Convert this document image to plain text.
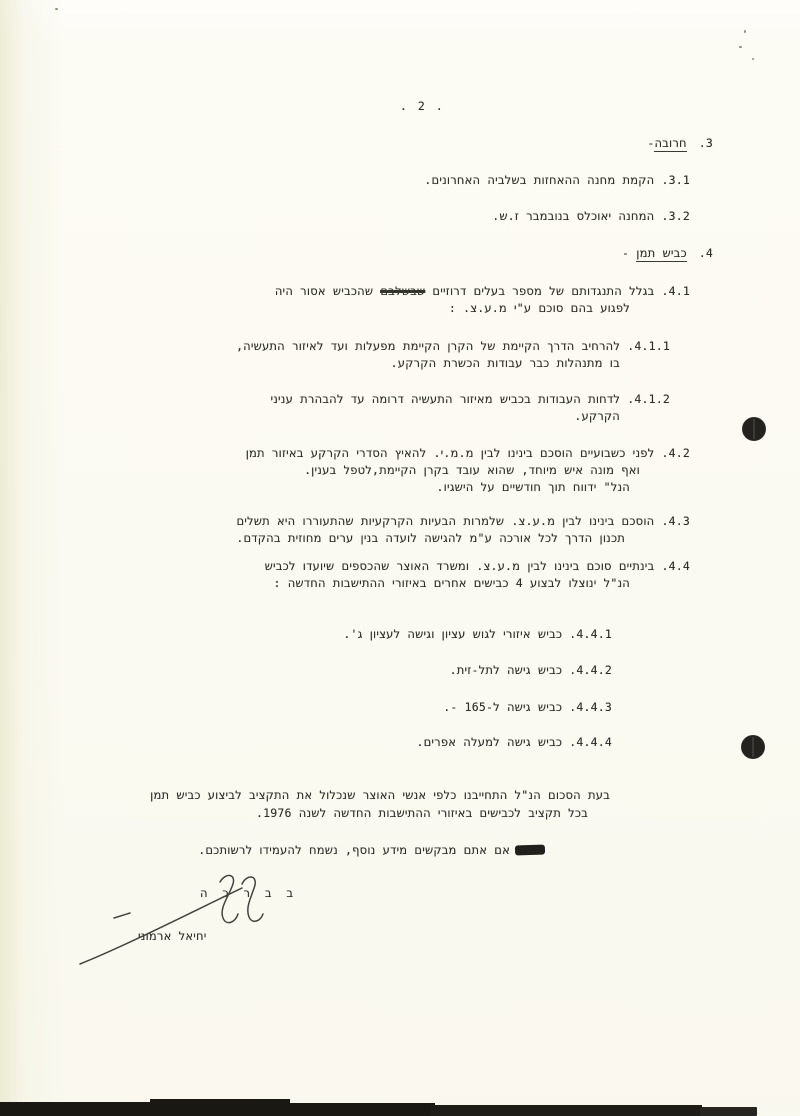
. 2 .
3.חרובה-
3.1. הקמת מחנה ההאחזות בשלביה האחרונים.
3.2. המחנה יאוכלס בנובמבר ז.ש.
4.כביש תמן -
4.1. בגלל התנגדותם של מספר בעלים דרוזיים שבשלבם שהכביש אסור היה
לפגוע בהם סוכם ע"י מ.ע.צ. :
4.1.1. להרחיב הדרך הקיימת של הקרן הקיימת מפעלות ועד לאיזור התעשיה,
בו מתנהלות כבר עבודות הכשרת הקרקע.
4.1.2. לדחות העבודות בכביש מאיזור התעשיה דרומה עד להבהרת עניני
הקרקע.
4.2. לפני כשבועיים הוסכם בינינו לבין מ.מ.י. להאיץ הסדרי הקרקע באיזור תמן
ואף מונה איש מיוחד, שהוא עובד בקרן הקיימת,לטפל בענין.
הנל" ידווח תוך חודשיים על הישגיו.
4.3. הוסכם בינינו לבין מ.ע.צ. שלמרות הבעיות הקרקעיות שהתעוררו היא תשלים
תכנון הדרך לכל אורכה ע"מ להגישה לועדה בנין ערים מחוזית בהקדם.
4.4. בינתיים סוכם בינינו לבין מ.ע.צ. ומשרד האוצר שהכספים שיועדו לכביש
הנ"ל ינוצלו לבצוע 4 כבישים אחרים באיזורי ההתישבות החדשה :
4.4.1. כביש איזורי לגוש עציון וגישה לעציון ג'.
4.4.2. כביש גישה לתל-זית.
4.4.3. כביש גישה ל-165 -.
4.4.4. כביש גישה למעלה אפרים.
בעת הסכום הנ"ל התחייבנו כלפי אנשי האוצר שנכלול את התקציב לביצוע כביש תמן
בכל תקציב לכבישים באיזורי ההתישבות החדשה לשנה 1976.
אם אתם מבקשים מידע נוסף, נשמח להעמידו לרשותכם.
ב ב ר כ ה
יחיאל ארמוני
